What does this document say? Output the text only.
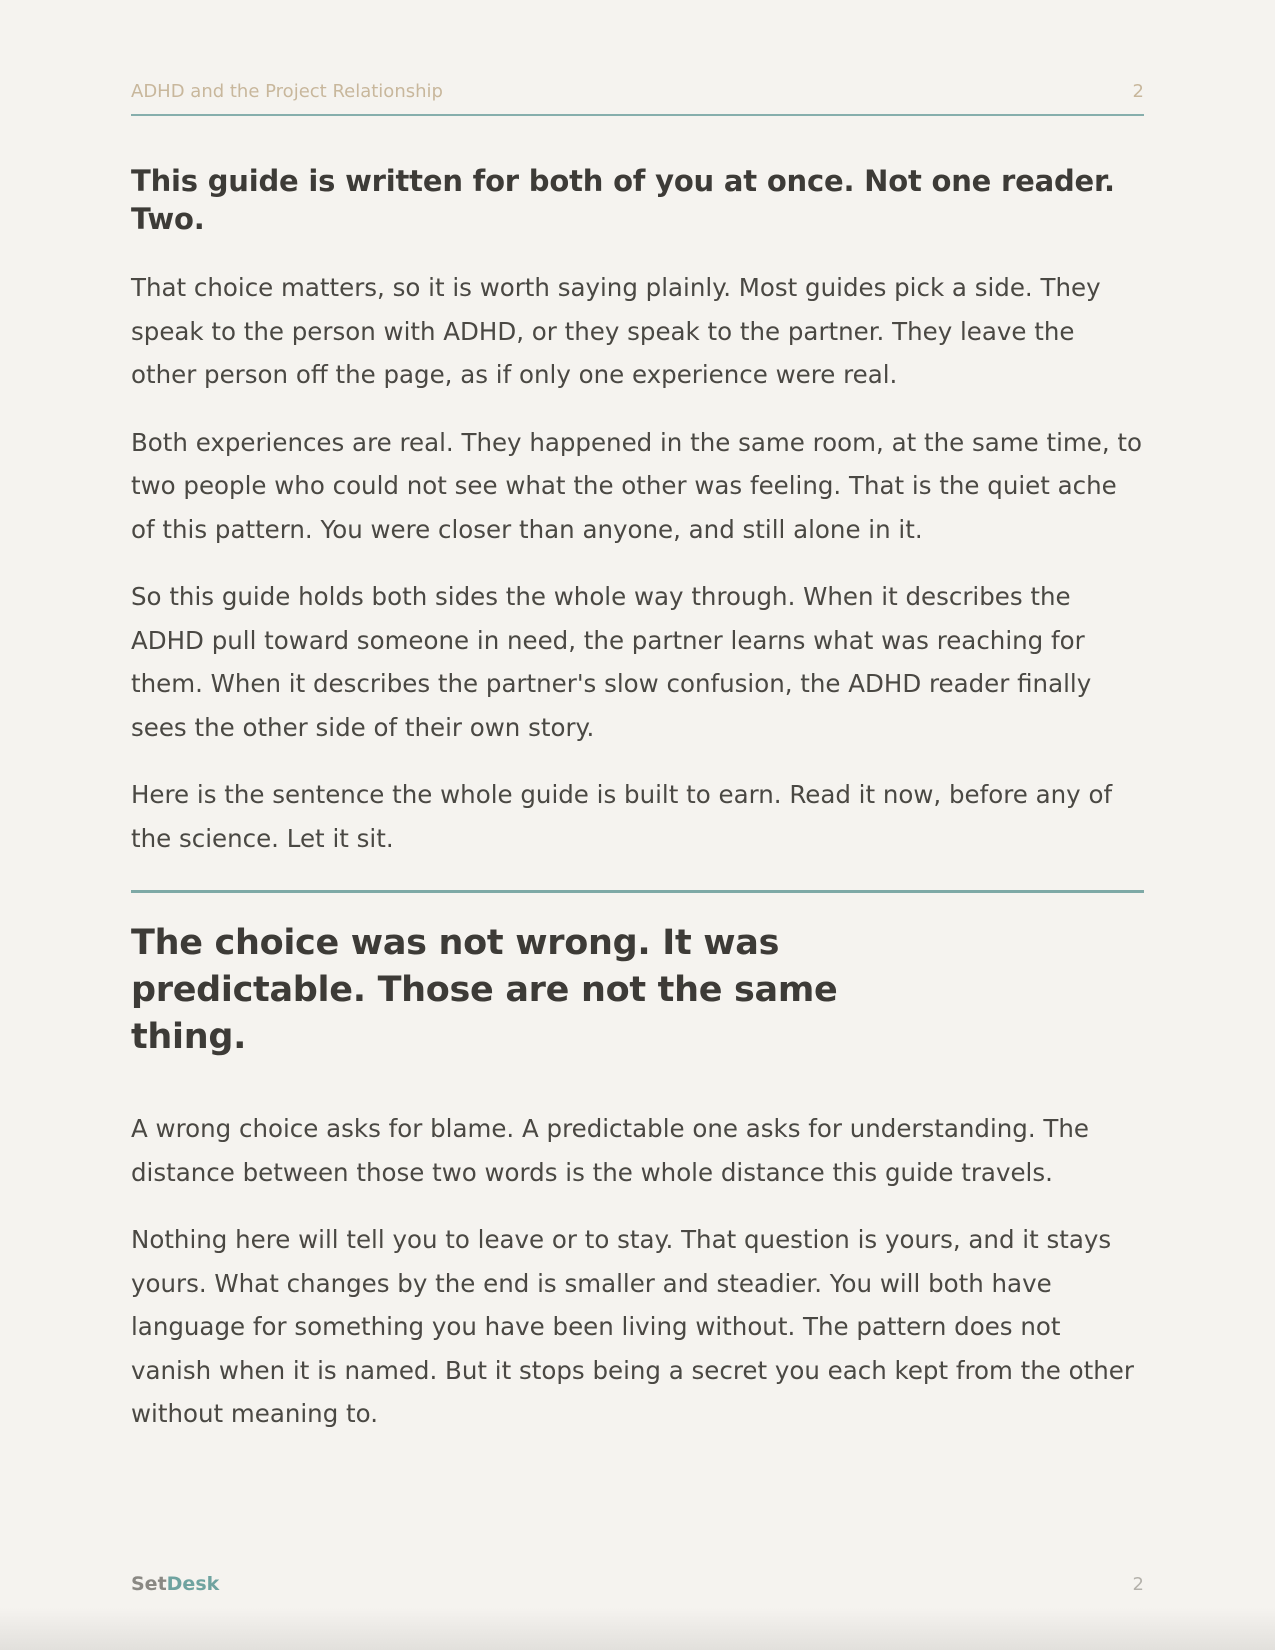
ADHD and the Project Relationship	2
This guide is written for both of you at once. Not one reader. Two.

That choice matters, so it is worth saying plainly. Most guides pick a side. They speak to the person with ADHD, or they speak to the partner. They leave the other person off the page, as if only one experience were real.

Both experiences are real. They happened in the same room, at the same time, to two people who could not see what the other was feeling. That is the quiet ache of this pattern. You were closer than anyone, and still alone in it.

So this guide holds both sides the whole way through. When it describes the ADHD pull toward someone in need, the partner learns what was reaching for them. When it describes the partner's slow confusion, the ADHD reader finally sees the other side of their own story.

Here is the sentence the whole guide is built to earn. Read it now, before any of the science. Let it sit.

The choice was not wrong. It was predictable. Those are not the same thing.

A wrong choice asks for blame. A predictable one asks for understanding. The distance between those two words is the whole distance this guide travels.

Nothing here will tell you to leave or to stay. That question is yours, and it stays yours. What changes by the end is smaller and steadier. You will both have language for something you have been living without. The pattern does not vanish when it is named. But it stops being a secret you each kept from the other without meaning to.

SetDesk	2
